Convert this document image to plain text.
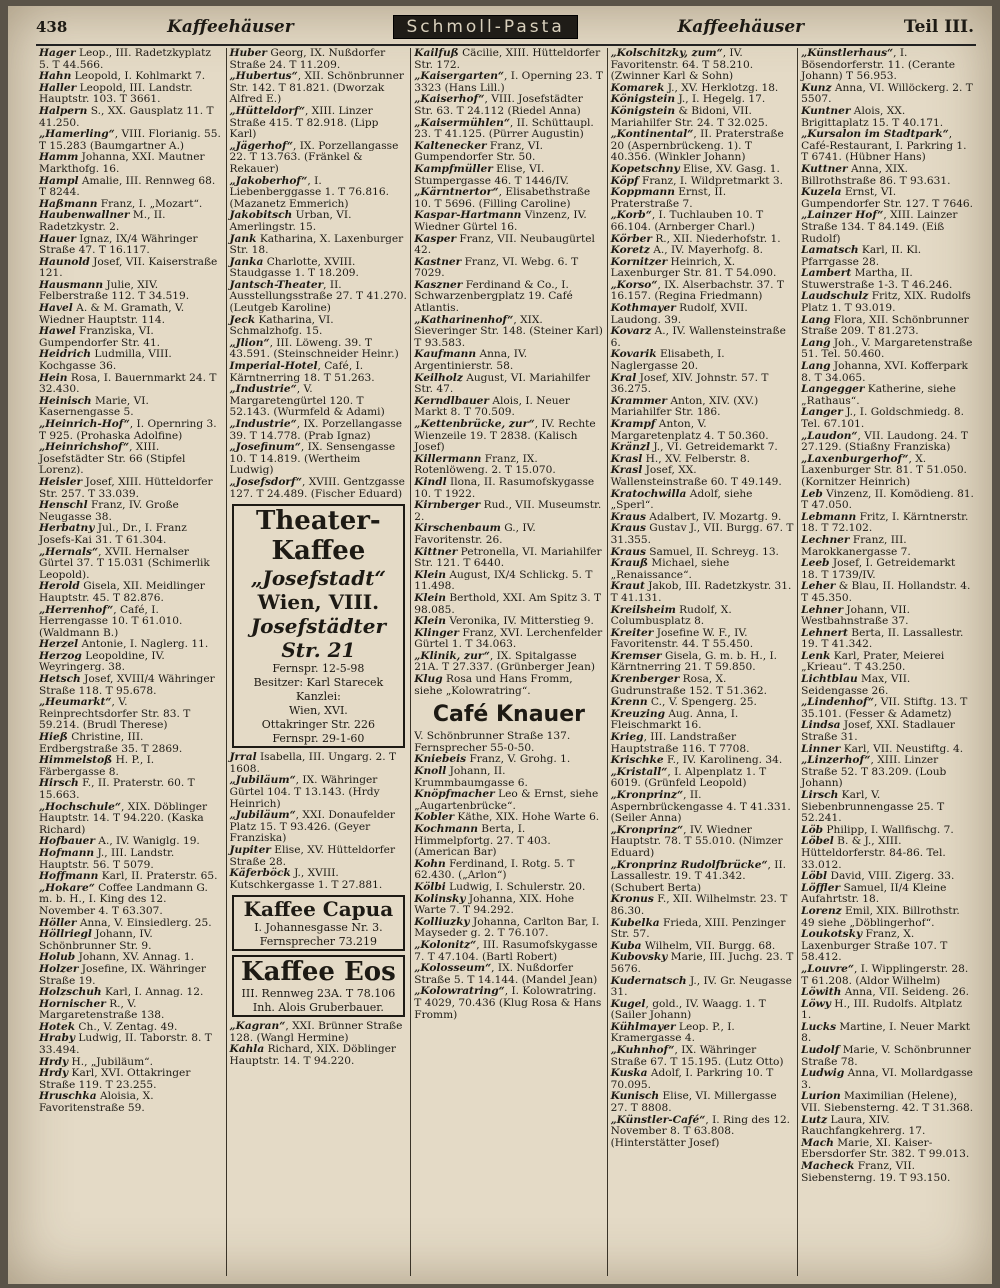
438	Kaffeehäuser	Schmoll-Pasta	Kaffeehäuser	Teil III.
Hager Leop., III. Radetzkyplatz 5. T 44.566.
Hahn Leopold, I. Kohlmarkt 7.
Haller Leopold, III. Landstr. Hauptstr. 103. T 3661.
Halpern S., XX. Gausplatz 11. T 41.250.
„Hamerling“, VIII. Florianig. 55. T 15.283 (Baumgartner A.)
Hamm Johanna, XXI. Mautner Markthofg. 16.
Hampl Amalie, III. Rennweg 68. T 8244.
Haßmann Franz, I. „Mozart“.
Haubenwallner M., II. Radetzkystr. 2.
Hauer Ignaz, IX/4 Währinger Straße 47. T 16.117.
Haunold Josef, VII. Kaiserstraße 121.
Hausmann Julie, XIV. Felberstraße 112. T 34.519.
Havel A. & M. Gramath, V. Wiedner Hauptstr. 114.
Hawel Franziska, VI. Gumpendorfer Str. 41.
Heidrich Ludmilla, VIII. Kochgasse 36.
Hein Rosa, I. Bauernmarkt 24. T 32.430.
Heinisch Marie, VI. Kasernengasse 5.
„Heinrich-Hof“, I. Opernring 3. T 925. (Prohaska Adolfine)
„Heinrichshof“, XIII. Josefstädter Str. 66 (Stipfel Lorenz).
Heisler Josef, XIII. Hütteldorfer Str. 257. T 33.039.
Henschl Franz, IV. Große Neugasse 38.
Herbatny Jul., Dr., I. Franz Josefs-Kai 31. T 61.304.
„Hernals“, XVII. Hernalser Gürtel 37. T 15.031 (Schimerlik Leopold).
Herold Gisela, XII. Meidlinger Hauptstr. 45. T 82.876.
„Herrenhof“, Café, I. Herrengasse 10. T 61.010. (Waldmann B.)
Herzel Antonie, I. Naglerg. 11.
Herzog Leopoldine, IV. Weyringerg. 38.
Hetsch Josef, XVIII/4 Währinger Straße 118. T 95.678.
„Heumarkt“, V. Reinprechtsdorfer Str. 83. T 59.214. (Brudl Therese)
Hieß Christine, III. Erdbergstraße 35. T 2869.
Himmelstoß H. P., I. Färbergasse 8.
Hirsch F., II. Praterstr. 60. T 15.663.
„Hochschule“, XIX. Döblinger Hauptstr. 14. T 94.220. (Kaska Richard)
Hofbauer A., IV. Waniglg. 19.
Hofmann J., III. Landstr. Hauptstr. 56. T 5079.
Hoffmann Karl, II. Praterstr. 65.
„Hokare“ Coffee Landmann G. m. b. H., I. King des 12. November 4. T 63.307.
Höller Anna, V. Einsiedlerg. 25.
Höllriegl Johann, IV. Schönbrunner Str. 9.
Holub Johann, XV. Annag. 1.
Holzer Josefine, IX. Währinger Straße 19.
Holzschuh Karl, I. Annag. 12.
Hornischer R., V. Margaretenstraße 138.
Hotek Ch., V. Zentag. 49.
Hraby Ludwig, II. Taborstr. 8. T 33.494.
Hrdy H., „Jubiläum“.
Hrdy Karl, XVI. Ottakringer Straße 119. T 23.255.
Hruschka Aloisia, X. Favoritenstraße 59.
Huber Georg, IX. Nußdorfer Straße 24. T 11.209.
„Hubertus“, XII. Schönbrunner Str. 142. T 81.821. (Dworzak Alfred E.)
„Hütteldorf“, XIII. Linzer Straße 415. T 82.918. (Lipp Karl)
„Jägerhof“, IX. Porzellangasse 22. T 13.763. (Fränkel & Rekauer)
„Jakoberhof“, I. Liebenberggasse 1. T 76.816. (Mazanetz Emmerich)
Jakobitsch Urban, VI. Amerlingstr. 15.
Jank Katharina, X. Laxenburger Str. 18.
Janka Charlotte, XVIII. Staudgasse 1. T 18.209.
Jantsch-Theater, II. Ausstellungsstraße 27. T 41.270. (Leutgeb Karoline)
Jeck Katharina, VI. Schmalzhofg. 15.
„Jlion“, III. Löweng. 39. T 43.591. (Steinschneider Heinr.)
Imperial-Hotel, Café, I. Kärntnerring 18. T 51.263.
„Industrie“, V. Margaretengürtel 120. T 52.143. (Wurmfeld & Adami)
„Industrie“, IX. Porzellangasse 39. T 14.778. (Prab Ignaz)
„Josefinum“, IX. Sensengasse 10. T 14.819. (Wertheim Ludwig)
„Josefsdorf“, XVIII. Gentzgasse 127. T 24.489. (Fischer Eduard)
Theater-Kaffee
„Josefstadt“
Wien, VIII.
Josefstädter Str. 21
Fernspr. 12-5-98
Besitzer: Karl Starecek
Kanzlei:
Wien, XVI.
Ottakringer Str. 226
Fernspr. 29-1-60
Jrral Isabella, III. Ungarg. 2. T 1608.
„Jubiläum“, IX. Währinger Gürtel 104. T 13.143. (Hrdy Heinrich)
„Jubiläum“, XXI. Donaufelder Platz 15. T 93.426. (Geyer Franziska)
Jupiter Elise, XV. Hütteldorfer Straße 28.
Käferböck J., XVIII. Kutschkergasse 1. T 27.881.
Kaffee Capua
I. Johannesgasse Nr. 3.
Fernsprecher 73.219
Kaffee Eos
III. Rennweg 23A. T 78.106
Inh. Alois Gruberbauer.
„Kagran“, XXI. Brünner Straße 128. (Wangl Hermine)
Kahla Richard, XIX. Döblinger Hauptstr. 14. T 94.220.
Kailfuß Cäcilie, XIII. Hütteldorfer Str. 172.
„Kaisergarten“, I. Operning 23. T 3323 (Hans Lill.)
„Kaiserhof“, VIII. Josefstädter Str. 63. T 24.112 (Riedel Anna)
„Kaisermühlen“, II. Schüttaupl. 23. T 41.125. (Pürrer Augustin)
Kaltenecker Franz, VI. Gumpendorfer Str. 50.
Kampfmüller Elise, VI. Stumpergasse 46. T 1446/IV.
„Kärntnertor“, Elisabethstraße 10. T 5696. (Filling Caroline)
Kaspar-Hartmann Vinzenz, IV. Wiedner Gürtel 16.
Kasper Franz, VII. Neubaugürtel 42.
Kastner Franz, VI. Webg. 6. T 7029.
Kaszner Ferdinand & Co., I. Schwarzenbergplatz 19. Café Atlantis.
„Katharinenhof“, XIX. Sieveringer Str. 148. (Steiner Karl) T 93.583.
Kaufmann Anna, IV. Argentinierstr. 58.
Keilholz August, VI. Mariahilfer Str. 47.
Kerndlbauer Alois, I. Neuer Markt 8. T 70.509.
„Kettenbrücke, zur“, IV. Rechte Wienzeile 19. T 2838. (Kalisch Josef)
Killermann Franz, IX. Rotenlöweng. 2. T 15.070.
Kindl Ilona, II. Rasumofskygasse 10. T 1922.
Kirnberger Rud., VII. Museumstr. 2.
Kirschenbaum G., IV. Favoritenstr. 26.
Kittner Petronella, VI. Mariahilfer Str. 121. T 6440.
Klein August, IX/4 Schlickg. 5. T 11.498.
Klein Berthold, XXI. Am Spitz 3. T 98.085.
Klein Veronika, IV. Mitterstieg 9.
Klinger Franz, XVI. Lerchenfelder Gürtel 1. T 34.063.
„Klinik, zur“, IX. Spitalgasse 21A. T 27.337. (Grünberger Jean)
Klug Rosa und Hans Fromm, siehe „Kolowratring“.
Café Knauer
V. Schönbrunner Straße 137.
Fernsprecher 55-0-50.
Kniebeis Franz, V. Grohg. 1.
Knoll Johann, II. Krummbaumgasse 6.
Knöpfmacher Leo & Ernst, siehe „Augartenbrücke“.
Kobler Käthe, XIX. Hohe Warte 6.
Kochmann Berta, I. Himmelpfortg. 27. T 403. (American Bar)
Kohn Ferdinand, I. Rotg. 5. T 62.430. („Arlon“)
Kölbi Ludwig, I. Schulerstr. 20.
Kolinsky Johanna, XIX. Hohe Warte 7. T 94.292.
Kolliuzky Johanna, Carlton Bar, I. Mayseder g. 2. T 76.107.
„Kolonitz“, III. Rasumofskygasse 7. T 47.104. (Bartl Robert)
„Kolosseum“, IX. Nußdorfer Straße 5. T 14.144. (Mandel Jean)
„Kolowratring“, I. Kolowratring. T 4029, 70.436 (Klug Rosa & Hans Fromm)
„Kolschitzky, zum“, IV. Favoritenstr. 64. T 58.210. (Zwinner Karl & Sohn)
Komarek J., XV. Herklotzg. 18.
Königstein J., I. Hegelg. 17.
Königstein & Bidoni, VII. Mariahilfer Str. 24. T 32.025.
„Kontinental“, II. Praterstraße 20 (Aspernbrückeng. 1). T 40.356. (Winkler Johann)
Kopetschny Elise, XV. Gasg. 1.
Köpf Franz, I. Wildpretmarkt 3.
Koppmann Ernst, II. Praterstraße 7.
„Korb“, I. Tuchlauben 10. T 66.104. (Arnberger Charl.)
Körber R., XII. Niederhofstr. 1.
Koretz A., IV. Mayerhofg. 8.
Kornitzer Heinrich, X. Laxenburger Str. 81. T 54.090.
„Korso“, IX. Alserbachstr. 37. T 16.157. (Regina Friedmann)
Kothmayer Rudolf, XVII. Laudong. 39.
Kovarz A., IV. Wallensteinstraße 6.
Kovarik Elisabeth, I. Naglergasse 20.
Kral Josef, XIV. Johnstr. 57. T 36.275.
Krammer Anton, XIV. (XV.) Mariahilfer Str. 186.
Krampf Anton, V. Margaretenplatz 4. T 50.360.
Kränzl J., VI. Getreidemarkt 7.
Krasl H., XV. Felberstr. 8.
Krasl Josef, XX. Wallensteinstraße 60. T 49.149.
Kratochwilla Adolf, siehe „Sperl“.
Kraus Adalbert, IV. Mozartg. 9.
Kraus Gustav J., VII. Burgg. 67. T 31.355.
Kraus Samuel, II. Schreyg. 13.
Krauß Michael, siehe „Renaissance“.
Kraut Jakob, III. Radetzkystr. 31. T 41.131.
Kreilsheim Rudolf, X. Columbusplatz 8.
Kreiter Josefine W. F., IV. Favoritenstr. 44. T 55.450.
Kremser Gisela, G. m. b. H., I. Kärntnerring 21. T 59.850.
Krenberger Rosa, X. Gudrunstraße 152. T 51.362.
Krenn C., V. Spengerg. 25.
Kreuzing Aug. Anna, I. Fleischmarkt 16.
Krieg, III. Landstraßer Hauptstraße 116. T 7708.
Krischke F., IV. Karolineng. 34.
„Kristall“, I. Alpenplatz 1. T 6019. (Grünfeld Leopold)
„Kronprinz“, II. Aspernbrückengasse 4. T 41.331. (Seiler Anna)
„Kronprinz“, IV. Wiedner Hauptstr. 78. T 55.010. (Nimzer Eduard)
„Kronprinz Rudolfbrücke“, II. Lassallestr. 19. T 41.342. (Schubert Berta)
Kronus F., XII. Wilhelmstr. 23. T 86.30.
Kubelka Frieda, XIII. Penzinger Str. 57.
Kuba Wilhelm, VII. Burgg. 68.
Kubovsky Marie, III. Juchg. 23. T 5676.
Kudernatsch J., IV. Gr. Neugasse 31.
Kugel, gold., IV. Waagg. 1. T (Sailer Johann)
Kühlmayer Leop. P., I. Kramergasse 4.
„Kuhnhof“, IX. Währinger Straße 67. T 15.195. (Lutz Otto)
Kuska Adolf, I. Parkring 10. T 70.095.
Kunisch Elise, VI. Millergasse 27. T 8808.
„Künstler-Café“, I. Ring des 12. November 8. T 63.808. (Hinterstätter Josef)
„Künstlerhaus“, I. Bösendorferstr. 11. (Cerante Johann) T 56.953.
Kunz Anna, VI. Willöckerg. 2. T 5507.
Kuntner Alois, XX. Brigittaplatz 15. T 40.171.
„Kursalon im Stadtpark“, Café-Restaurant, I. Parkring 1. T 6741. (Hübner Hans)
Kuttner Anna, XIX. Billrothstraße 86. T 93.631.
Kuzela Ernst, VI. Gumpendorfer Str. 127. T 7646.
„Lainzer Hof“, XIII. Lainzer Straße 134. T 84.149. (Eiß Rudolf)
Lamatsch Karl, II. Kl. Pfarrgasse 28.
Lambert Martha, II. Stuwerstraße 1-3. T 46.246.
Laudschulz Fritz, XIX. Rudolfs Platz 1. T 93.019.
Lang Flora, XII. Schönbrunner Straße 209. T 81.273.
Lang Joh., V. Margaretenstraße 51. Tel. 50.460.
Lang Johanna, XVI. Kofferpark 8. T 34.065.
Langegger Katherine, siehe „Rathaus“.
Langer J., I. Goldschmiedg. 8. Tel. 67.101.
„Laudon“, VII. Laudong. 24. T 27.129. (Stiaßny Franziska)
„Laxenburgerhof“, X. Laxenburger Str. 81. T 51.050. (Kornitzer Heinrich)
Leb Vinzenz, II. Komödieng. 81. T 47.050.
Lebmann Fritz, I. Kärntnerstr. 18. T 72.102.
Lechner Franz, III. Marokkanergasse 7.
Leeb Josef, I. Getreidemarkt 18. T 1739/IV.
Leher & Blau, II. Hollandstr. 4. T 45.350.
Lehner Johann, VII. Westbahnstraße 37.
Lehnert Berta, II. Lassallestr. 19. T 41.342.
Lenk Karl, Prater, Meierei „Krieau“. T 43.250.
Lichtblau Max, VII. Seidengasse 26.
„Lindenhof“, VII. Stiftg. 13. T 35.101. (Fesser & Adametz)
Lindsa Josef, XXI. Stadlauer Straße 31.
Linner Karl, VII. Neustiftg. 4.
„Linzerhof“, XIII. Linzer Straße 52. T 83.209. (Loub Johann)
Lirsch Karl, V. Siebenbrunnengasse 25. T 52.241.
Löb Philipp, I. Wallfischg. 7.
Löbel B. & J., XIII. Hütteldorferstr. 84-86. Tel. 33.012.
Löbl David, VIII. Zigerg. 33.
Löffler Samuel, II/4 Kleine Aufahrtstr. 18.
Lorenz Emil, XIX. Billrothstr. 49 siehe „Döblingerhof“.
Loukotsky Franz, X. Laxenburger Straße 107. T 58.412.
„Louvre“, I. Wipplingerstr. 28. T 61.208. (Aldor Wilhelm)
Löwith Anna, VII. Seideng. 26.
Löwy H., III. Rudolfs. Altplatz 1.
Lucks Martine, I. Neuer Markt 8.
Ludolf Marie, V. Schönbrunner Straße 78.
Ludwig Anna, VI. Mollardgasse 3.
Lurion Maximilian (Helene), VII. Siebensterng. 42. T 31.368.
Lutz Laura, XIV. Rauchfangkehrerg. 17.
Mach Marie, XI. Kaiser-Ebersdorfer Str. 382. T 99.013.
Macheck Franz, VII. Siebensterng. 19. T 93.150.
